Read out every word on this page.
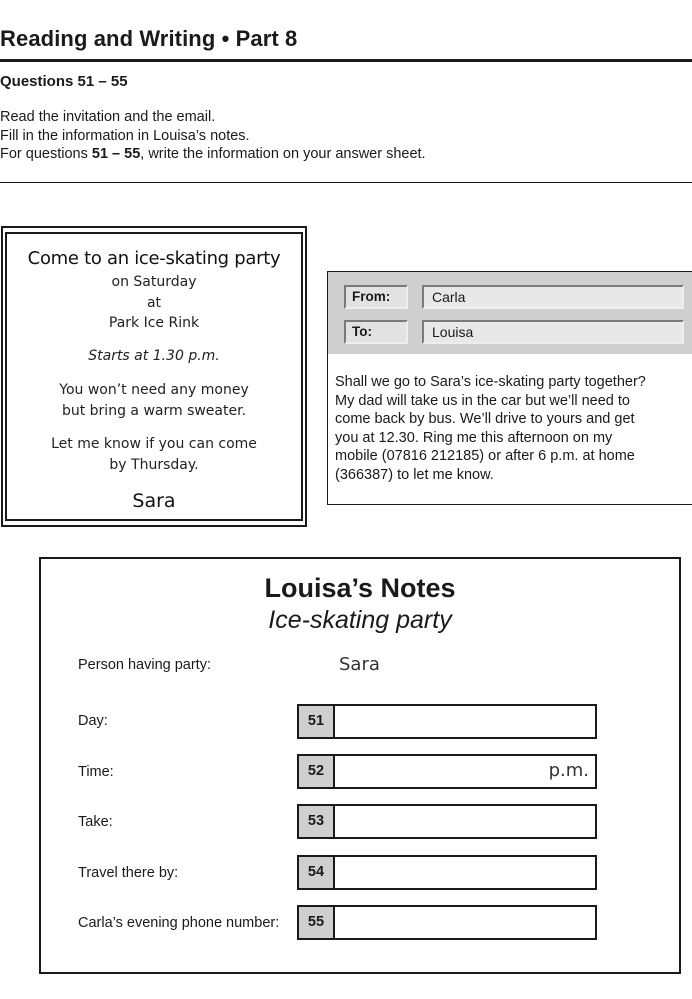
Reading and Writing • Part 8
Questions 51 – 55
Read the invitation and the email.
Fill in the information in Louisa’s notes.
For questions 51 – 55, write the information on your answer sheet.
Come to an ice-skating party
on Saturday
at
Park Ice Rink
Starts at 1.30 p.m.
You won’t need any money
but bring a warm sweater.
Let me know if you can come
by Thursday.
Sara
From:	Carla
To:	Louisa
Shall we go to Sara’s ice-skating party together?
My dad will take us in the car but we’ll need to
come back by bus. We’ll drive to yours and get
you at 12.30. Ring me this afternoon on my
mobile (07816 212185) or after 6 p.m. at home
(366387) to let me know.
Louisa’s Notes
Ice-skating party
Person having party:	Sara
Day:	51
Time:	52	p.m.
Take:	53
Travel there by:	54
Carla’s evening phone number:	55
